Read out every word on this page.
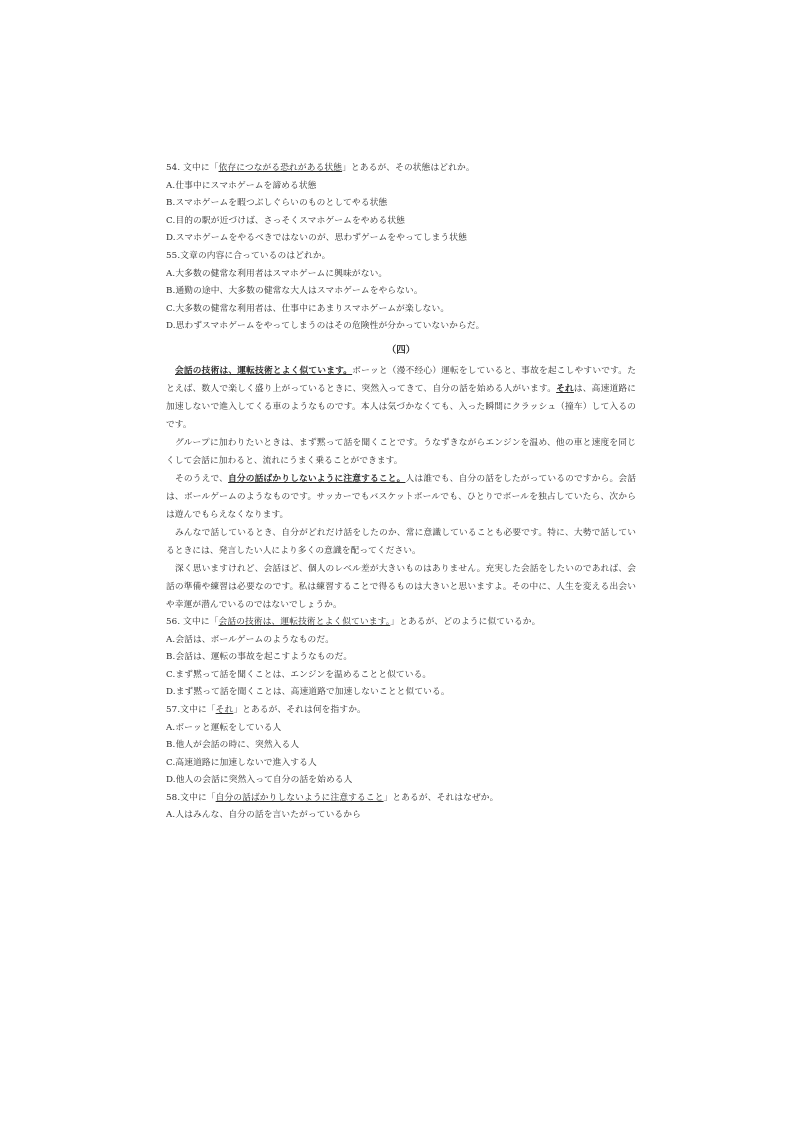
54. 文中に「依存につながる恐れがある状態」とあるが、その状態はどれか。
A.仕事中にスマホゲームを諦める状態
B.スマホゲームを暇つぶしぐらいのものとしてやる状態
C.目的の駅が近づけば、さっそくスマホゲームをやめる状態
D.スマホゲームをやるべきではないのが、思わずゲームをやってしまう状態
55.文章の内容に合っているのはどれか。
A.大多数の健常な利用者はスマホゲームに興味がない。
B.通勤の途中、大多数の健常な大人はスマホゲームをやらない。
C.大多数の健常な利用者は、仕事中にあまりスマホゲームが楽しない。
D.思わずスマホゲームをやってしまうのはその危険性が分かっていないからだ。
（四）
会話の技術は、運転技術とよく似ています。ボーッと（漫不经心）運転をしていると、事故を起こしやすいです。たとえば、数人で楽しく盛り上がっているときに、突然入ってきて、自分の話を始める人がいます。それは、高速道路に加速しないで進入してくる車のようなものです。本人は気づかなくても、入った瞬間にクラッシュ（撞车）して入るのです。
グループに加わりたいときは、まず黙って話を聞くことです。うなずきながらエンジンを温め、他の車と速度を同じくして会話に加わると、流れにうまく乗ることができます。
そのうえで、自分の話ばかりしないように注意すること。人は誰でも、自分の話をしたがっているのですから。会話は、ボールゲームのようなものです。サッカーでもバスケットボールでも、ひとりでボールを独占していたら、次からは遊んでもらえなくなります。
みんなで話しているとき、自分がどれだけ話をしたのか、常に意識していることも必要です。特に、大勢で話しているときには、発言したい人により多くの意識を配ってください。
深く思いますけれど、会話ほど、個人のレベル差が大きいものはありません。充実した会話をしたいのであれば、会話の準備や練習は必要なのです。私は練習することで得るものは大きいと思いますよ。その中に、人生を変える出会いや幸運が潜んでいるのではないでしょうか。
56. 文中に「会話の技術は、運転技術とよく似ています。」とあるが、どのように似ているか。
A.会話は、ボールゲームのようなものだ。
B.会話は、運転の事故を起こすようなものだ。
C.まず黙って話を聞くことは、エンジンを温めることと似ている。
D.まず黙って話を聞くことは、高速道路で加速しないことと似ている。
57.文中に「それ」とあるが、それは何を指すか。
A.ボーッと運転をしている人
B.他人が会話の時に、突然入る人
C.高速道路に加速しないで進入する人
D.他人の会話に突然入って自分の話を始める人
58.文中に「自分の話ばかりしないように注意すること」とあるが、それはなぜか。
A.人はみんな、自分の話を言いたがっているから
